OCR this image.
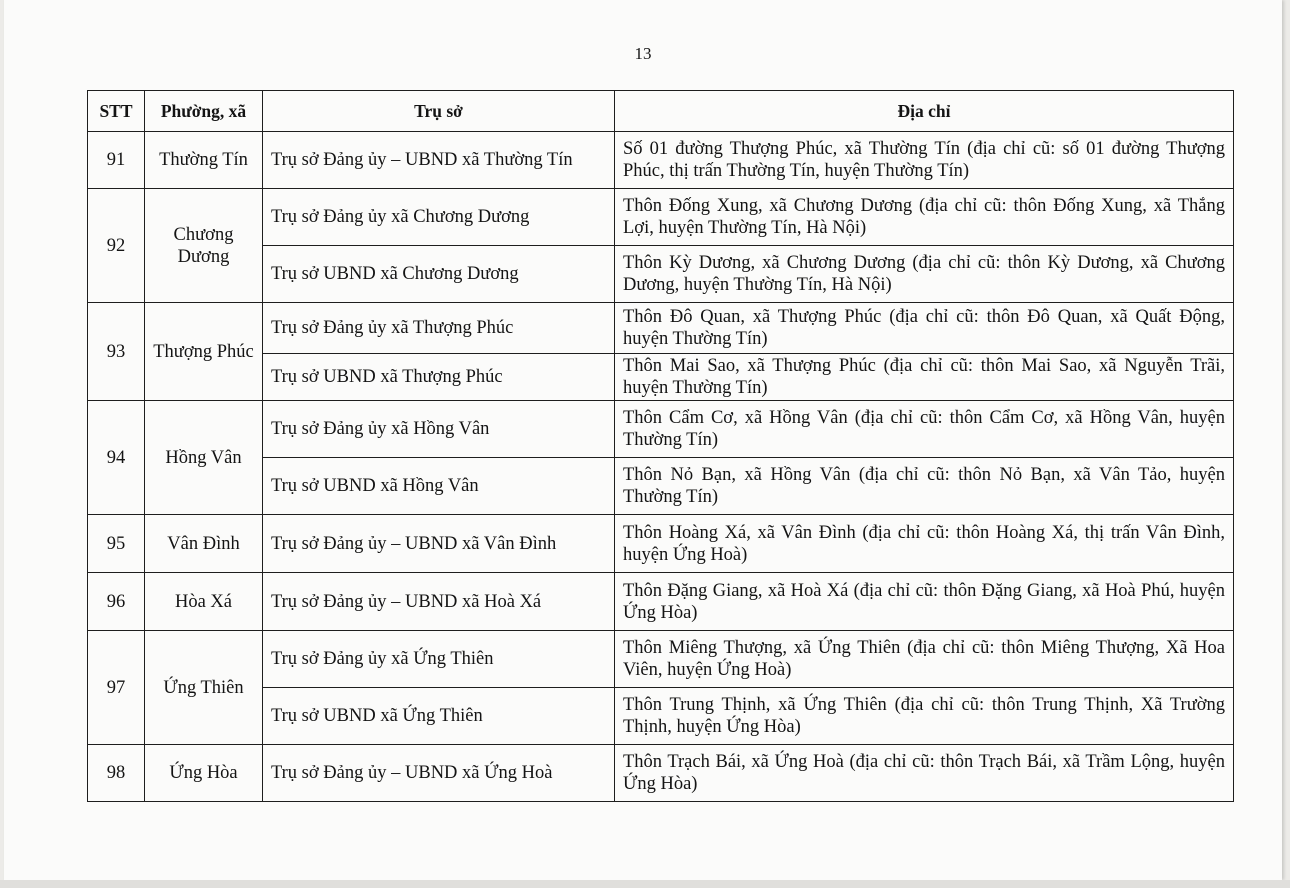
13
STT	Phường, xã	Trụ sở	Địa chỉ
91	Thường Tín	Trụ sở Đảng ủy – UBND xã Thường Tín	Số 01 đường Thượng Phúc, xã Thường Tín (địa chỉ cũ: số 01 đường Thượng Phúc, thị trấn Thường Tín, huyện Thường Tín)
92	Chương Dương	Trụ sở Đảng ủy xã Chương Dương	Thôn Đống Xung, xã Chương Dương (địa chỉ cũ: thôn Đống Xung, xã Thắng Lợi, huyện Thường Tín, Hà Nội)
		Trụ sở UBND xã Chương Dương	Thôn Kỳ Dương, xã Chương Dương (địa chỉ cũ: thôn Kỳ Dương, xã Chương Dương, huyện Thường Tín, Hà Nội)
93	Thượng Phúc	Trụ sở Đảng ủy xã Thượng Phúc	Thôn Đô Quan, xã Thượng Phúc (địa chỉ cũ: thôn Đô Quan, xã Quất Động, huyện Thường Tín)
		Trụ sở UBND xã Thượng Phúc	Thôn Mai Sao, xã Thượng Phúc (địa chỉ cũ: thôn Mai Sao, xã Nguyễn Trãi, huyện Thường Tín)
94	Hồng Vân	Trụ sở Đảng ủy xã Hồng Vân	Thôn Cẩm Cơ, xã Hồng Vân (địa chỉ cũ: thôn Cẩm Cơ, xã Hồng Vân, huyện Thường Tín)
		Trụ sở UBND xã Hồng Vân	Thôn Nỏ Bạn, xã Hồng Vân (địa chỉ cũ: thôn Nỏ Bạn, xã Vân Tảo, huyện Thường Tín)
95	Vân Đình	Trụ sở Đảng ủy – UBND xã Vân Đình	Thôn Hoàng Xá, xã Vân Đình (địa chỉ cũ: thôn Hoàng Xá, thị trấn Vân Đình, huyện Ứng Hoà)
96	Hòa Xá	Trụ sở Đảng ủy – UBND xã Hoà Xá	Thôn Đặng Giang, xã Hoà Xá (địa chỉ cũ: thôn Đặng Giang, xã Hoà Phú, huyện Ứng Hòa)
97	Ứng Thiên	Trụ sở Đảng ủy xã Ứng Thiên	Thôn Miêng Thượng, xã Ứng Thiên (địa chỉ cũ: thôn Miêng Thượng, Xã Hoa Viên, huyện Ứng Hoà)
		Trụ sở UBND xã Ứng Thiên	Thôn Trung Thịnh, xã Ứng Thiên (địa chỉ cũ: thôn Trung Thịnh, Xã Trường Thịnh, huyện Ứng Hòa)
98	Ứng Hòa	Trụ sở Đảng ủy – UBND xã Ứng Hoà	Thôn Trạch Bái, xã Ứng Hoà (địa chỉ cũ: thôn Trạch Bái, xã Trầm Lộng, huyện Ứng Hòa)
